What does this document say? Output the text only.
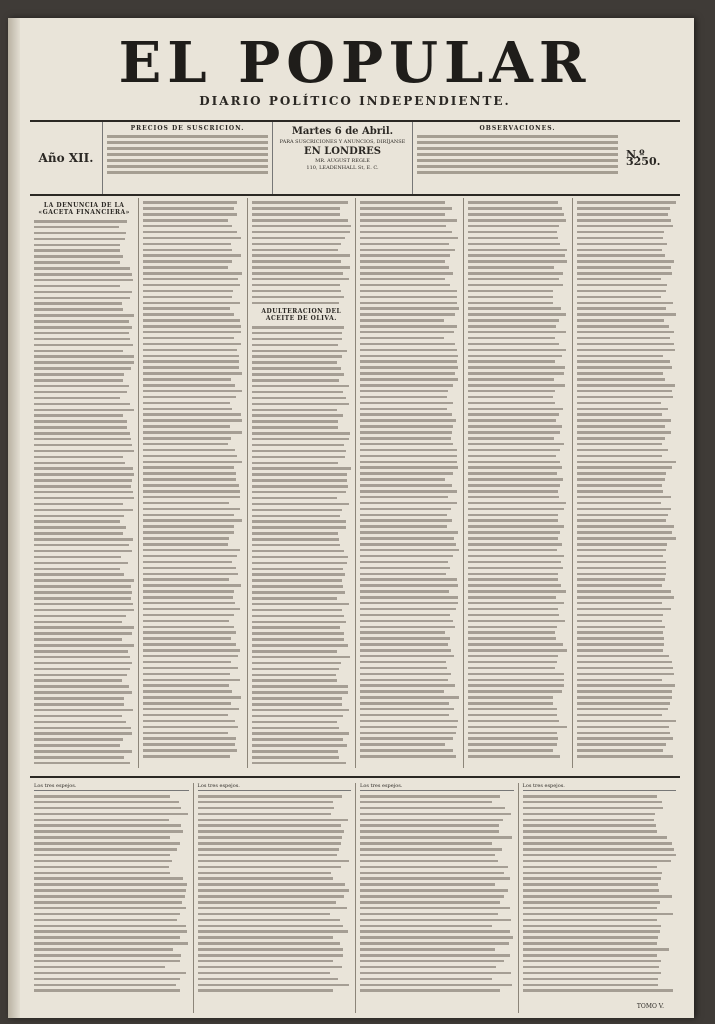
EL POPULAR
DIARIO POLÍTICO INDEPENDIENTE.
Año XII.
PRECIOS DE SUSCRICION.	Martes 6 de Abril.
PARA SUSCRICIONES Y ANUNCIOS, DIRÍJANSE
EN LONDRES
MR. AUGUST REGLE
110, LEADENHALL St, E. C.
OBSERVACIONES.
N.º 3250.
LA DENUNCIA DE LA «GACETA FINANCIERA»
ADULTERACION DEL ACEITE DE OLIVA.
Los tres espejos.	Los tres espejos.	Los tres espejos.	Los tres espejos.
TOMO V.
